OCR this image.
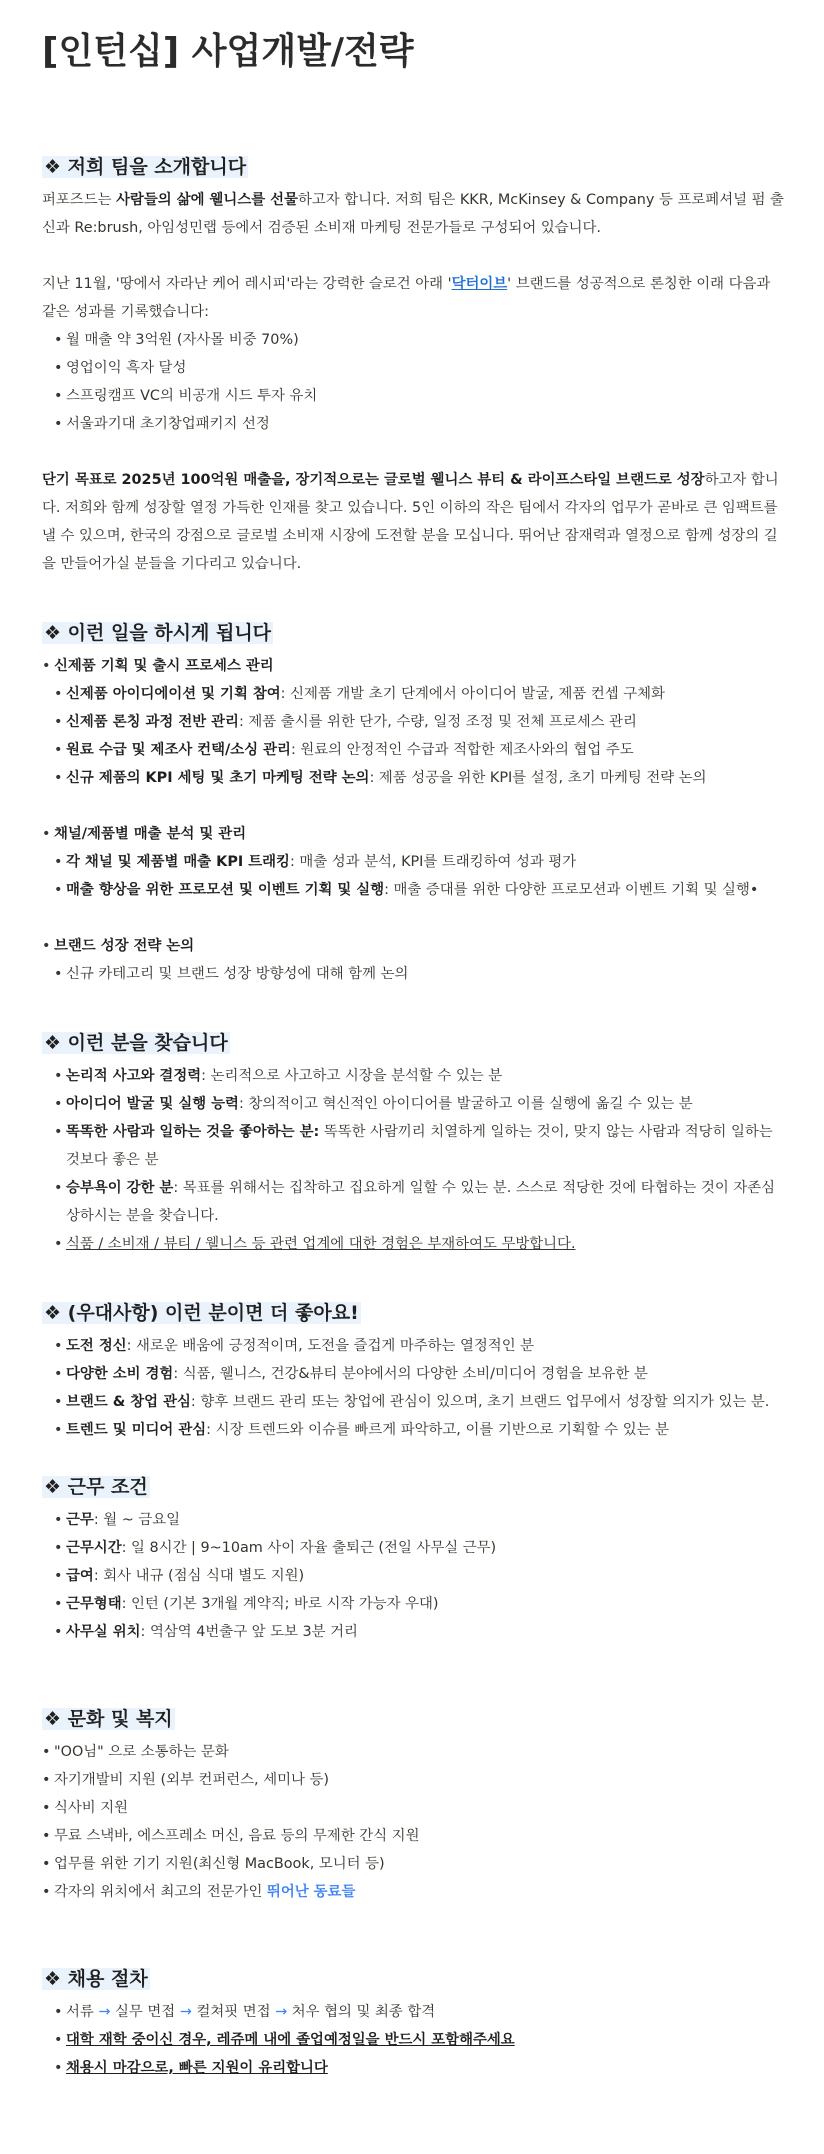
[인턴십] 사업개발/전략
❖ 저희 팀을 소개합니다

퍼포즈드는 사람들의 삶에 웰니스를 선물하고자 합니다. 저희 팀은 KKR, McKinsey & Company 등 프로페셔널 펌 출신과 Re:brush, 아임성민랩 등에서 검증된 소비재 마케팅 전문가들로 구성되어 있습니다.

지난 11월, '땅에서 자라난 케어 레시피'라는 강력한 슬로건 아래 '닥터이브' 브랜드를 성공적으로 론칭한 이래 다음과 같은 성과를 기록했습니다:

• 월 매출 약 3억원 (자사몰 비중 70%)
• 영업이익 흑자 달성
• 스프링캠프 VC의 비공개 시드 투자 유치
• 서울과기대 초기창업패키지 선정

단기 목표로 2025년 100억원 매출을, 장기적으로는 글로벌 웰니스 뷰티 & 라이프스타일 브랜드로 성장하고자 합니다. 저희와 함께 성장할 열정 가득한 인재를 찾고 있습니다. 5인 이하의 작은 팀에서 각자의 업무가 곧바로 큰 임팩트를 낼 수 있으며, 한국의 강점으로 글로벌 소비재 시장에 도전할 분을 모십니다. 뛰어난 잠재력과 열정으로 함께 성장의 길을 만들어가실 분들을 기다리고 있습니다.

❖ 이런 일을 하시게 됩니다
• 신제품 기획 및 출시 프로세스 관리
• 신제품 아이디에이션 및 기획 참여: 신제품 개발 초기 단계에서 아이디어 발굴, 제품 컨셉 구체화
• 신제품 론칭 과정 전반 관리: 제품 출시를 위한 단가, 수량, 일정 조정 및 전체 프로세스 관리
• 원료 수급 및 제조사 컨택/소싱 관리: 원료의 안정적인 수급과 적합한 제조사와의 협업 주도
• 신규 제품의 KPI 세팅 및 초기 마케팅 전략 논의: 제품 성공을 위한 KPI를 설정, 초기 마케팅 전략 논의
• 채널/제품별 매출 분석 및 관리
• 각 채널 및 제품별 매출 KPI 트래킹: 매출 성과 분석, KPI를 트래킹하여 성과 평가
• 매출 향상을 위한 프로모션 및 이벤트 기획 및 실행: 매출 증대를 위한 다양한 프로모션과 이벤트 기획 및 실행•
• 브랜드 성장 전략 논의
• 신규 카테고리 및 브랜드 성장 방향성에 대해 함께 논의
❖ 이런 분을 찾습니다
• 논리적 사고와 결정력: 논리적으로 사고하고 시장을 분석할 수 있는 분
• 아이디어 발굴 및 실행 능력: 창의적이고 혁신적인 아이디어를 발굴하고 이를 실행에 옮길 수 있는 분
• 똑똑한 사람과 일하는 것을 좋아하는 분: 똑똑한 사람끼리 치열하게 일하는 것이, 맞지 않는 사람과 적당히 일하는 것보다 좋은 분
• 승부욕이 강한 분: 목표를 위해서는 집착하고 집요하게 일할 수 있는 분. 스스로 적당한 것에 타협하는 것이 자존심 상하시는 분을 찾습니다.
• 식품 / 소비재 / 뷰티 / 웰니스 등 관련 업계에 대한 경험은 부재하여도 무방합니다.
❖ (우대사항) 이런 분이면 더 좋아요!
• 도전 정신: 새로운 배움에 긍정적이며, 도전을 즐겁게 마주하는 열정적인 분
• 다양한 소비 경험: 식품, 웰니스, 건강&뷰티 분야에서의 다양한 소비/미디어 경험을 보유한 분
• 브랜드 & 창업 관심: 향후 브랜드 관리 또는 창업에 관심이 있으며, 초기 브랜드 업무에서 성장할 의지가 있는 분.
• 트렌드 및 미디어 관심: 시장 트렌드와 이슈를 빠르게 파악하고, 이를 기반으로 기획할 수 있는 분
❖ 근무 조건
• 근무: 월 ~ 금요일
• 근무시간: 일 8시간 | 9~10am 사이 자율 출퇴근 (전일 사무실 근무)
• 급여: 회사 내규 (점심 식대 별도 지원)
• 근무형태: 인턴 (기본 3개월 계약직; 바로 시작 가능자 우대)
• 사무실 위치: 역삼역 4번출구 앞 도보 3분 거리
❖ 문화 및 복지
• "OO님" 으로 소통하는 문화
• 자기개발비 지원 (외부 컨퍼런스, 세미나 등)
• 식사비 지원
• 무료 스낵바, 에스프레소 머신, 음료 등의 무제한 간식 지원
• 업무를 위한 기기 지원(최신형 MacBook, 모니터 등)
• 각자의 위치에서 최고의 전문가인 뛰어난 동료들
❖ 채용 절차
• 서류 → 실무 면접 → 컬쳐핏 면접 → 처우 협의 및 최종 합격
• 대학 재학 중이신 경우, 레쥬메 내에 졸업예정일을 반드시 포함해주세요
• 채용시 마감으로, 빠른 지원이 유리합니다
